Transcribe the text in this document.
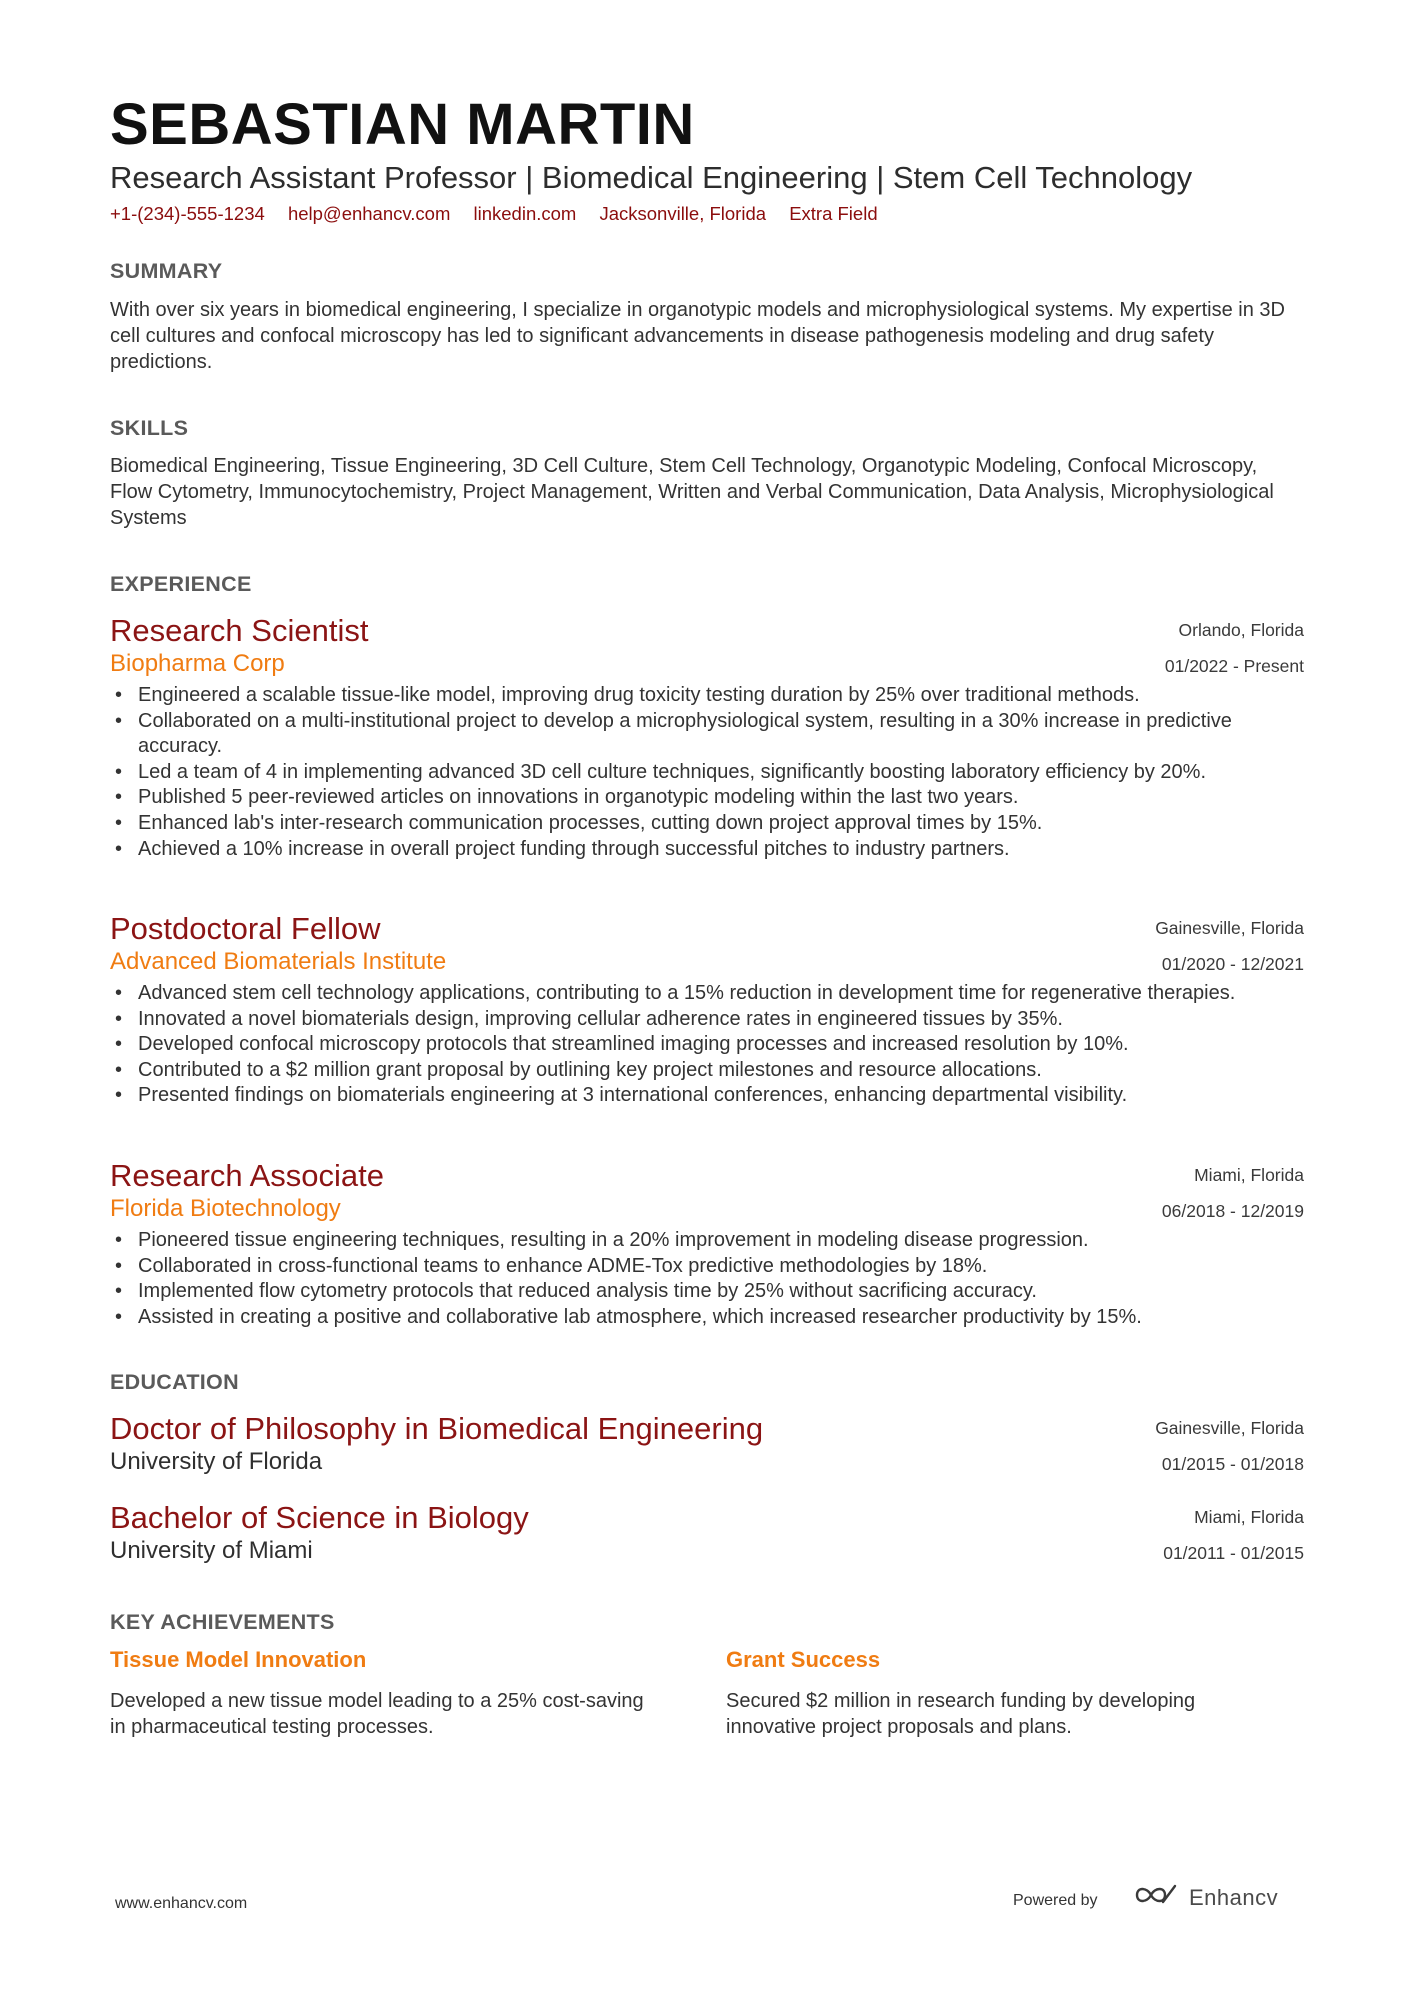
SEBASTIAN MARTIN
Research Assistant Professor | Biomedical Engineering | Stem Cell Technology
+1-(234)-555-1234 help@enhancv.com linkedin.com Jacksonville, Florida Extra Field
SUMMARY

With over six years in biomedical engineering, I specialize in organotypic models and microphysiological systems. My expertise in 3D cell cultures and confocal microscopy has led to significant advancements in disease pathogenesis modeling and drug safety predictions.

SKILLS

Biomedical Engineering, Tissue Engineering, 3D Cell Culture, Stem Cell Technology, Organotypic Modeling, Confocal Microscopy, Flow Cytometry, Immunocytochemistry, Project Management, Written and Verbal Communication, Data Analysis, Microphysiological Systems

EXPERIENCE
Research Scientist
Biopharma Corp
Orlando, Florida
01/2022 - Present
• Engineered a scalable tissue-like model, improving drug toxicity testing duration by 25% over traditional methods.
• Collaborated on a multi-institutional project to develop a microphysiological system, resulting in a 30% increase in predictive accuracy.
• Led a team of 4 in implementing advanced 3D cell culture techniques, significantly boosting laboratory efficiency by 20%.
• Published 5 peer-reviewed articles on innovations in organotypic modeling within the last two years.
• Enhanced lab's inter-research communication processes, cutting down project approval times by 15%.
• Achieved a 10% increase in overall project funding through successful pitches to industry partners.
Postdoctoral Fellow
Advanced Biomaterials Institute
Gainesville, Florida
01/2020 - 12/2021
• Advanced stem cell technology applications, contributing to a 15% reduction in development time for regenerative therapies.
• Innovated a novel biomaterials design, improving cellular adherence rates in engineered tissues by 35%.
• Developed confocal microscopy protocols that streamlined imaging processes and increased resolution by 10%.
• Contributed to a $2 million grant proposal by outlining key project milestones and resource allocations.
• Presented findings on biomaterials engineering at 3 international conferences, enhancing departmental visibility.
Research Associate
Florida Biotechnology
Miami, Florida
06/2018 - 12/2019
• Pioneered tissue engineering techniques, resulting in a 20% improvement in modeling disease progression.
• Collaborated in cross-functional teams to enhance ADME-Tox predictive methodologies by 18%.
• Implemented flow cytometry protocols that reduced analysis time by 25% without sacrificing accuracy.
• Assisted in creating a positive and collaborative lab atmosphere, which increased researcher productivity by 15%.
EDUCATION
Doctor of Philosophy in Biomedical Engineering
University of Florida
Gainesville, Florida
01/2015 - 01/2018
Bachelor of Science in Biology
University of Miami
Miami, Florida
01/2011 - 01/2015
KEY ACHIEVEMENTS
Tissue Model Innovation

Developed a new tissue model leading to a 25% cost-saving in pharmaceutical testing processes.

Grant Success

Secured $2 million in research funding by developing innovative project proposals and plans.

www.enhancv.com	Powered by	Enhancv
